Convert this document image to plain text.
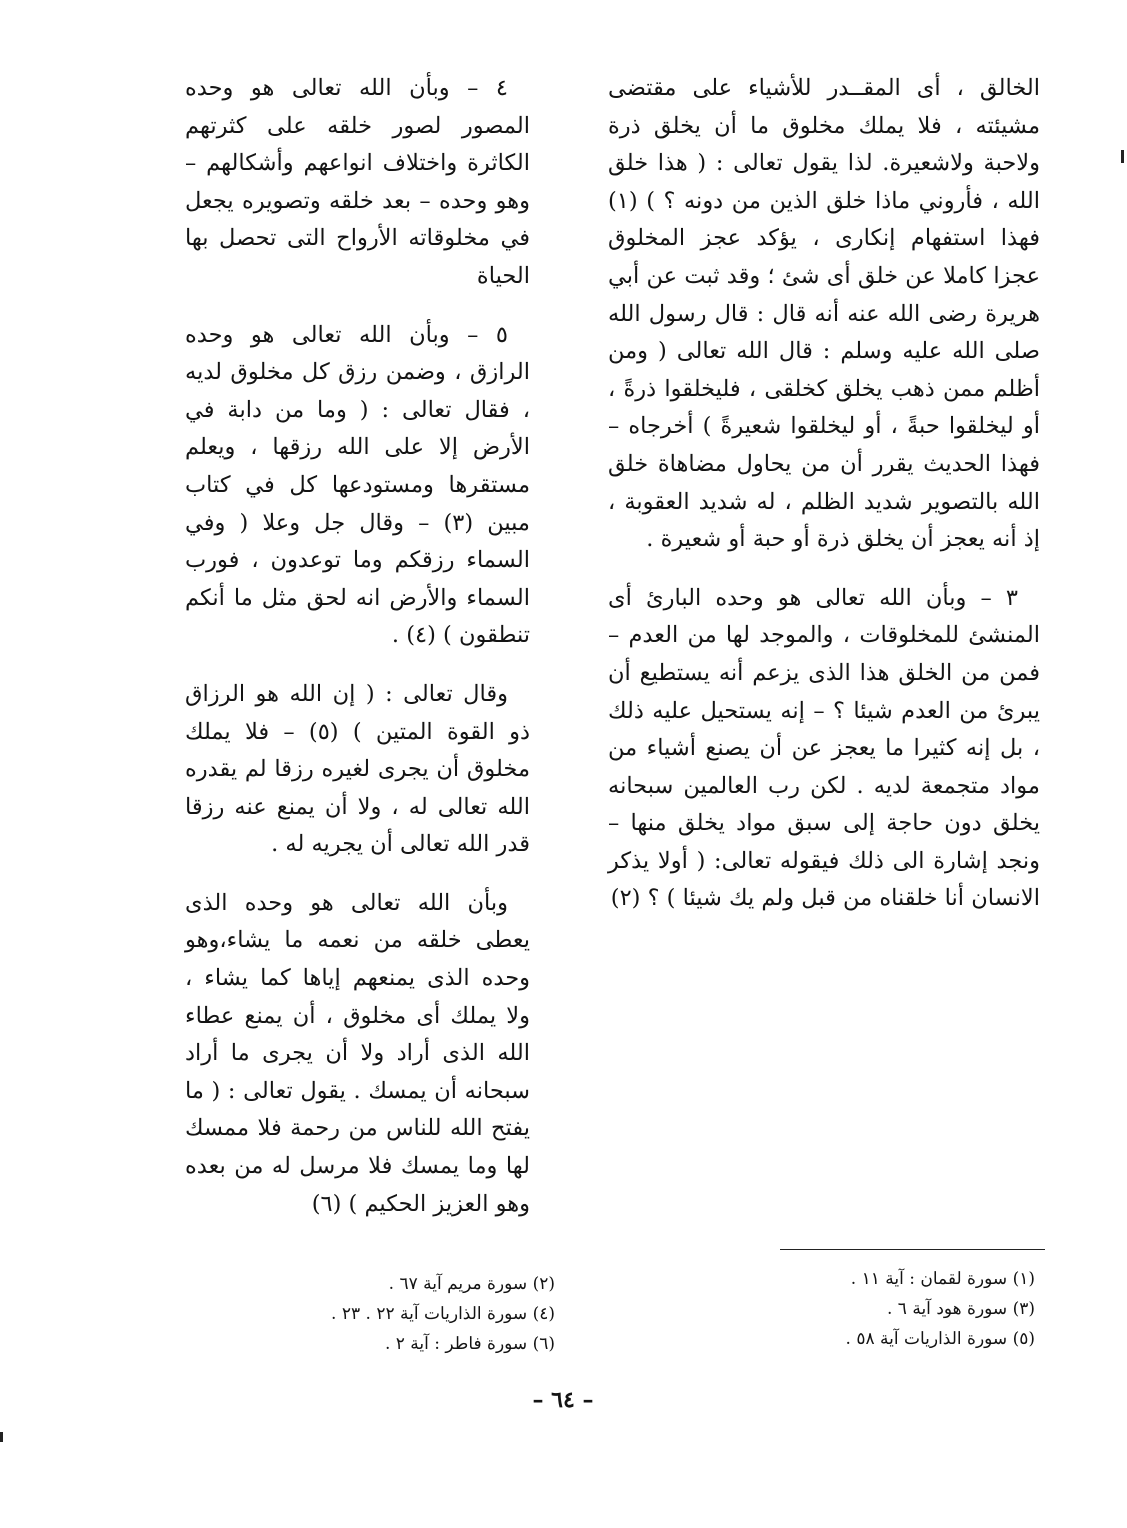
الخالق ، أى المقــدر للأشياء على مقتضى مشيئته ، فلا يملك مخلوق ما أن يخلق ذرة ولاحبة ولاشعيرة. لذا يقول تعالى : ( هذا خلق الله ، فأروني ماذا خلق الذين من دونه ؟ ) (١) فهذا استفهام إنكارى ، يؤكد عجز المخلوق عجزا كاملا عن خلق أى شئ ؛ وقد ثبت عن أبي هريرة رضى الله عنه أنه قال : قال رسول الله صلى الله عليه وسلم : قال الله تعالى ( ومن أظلم ممن ذهب يخلق كخلقى ، فليخلقوا ذرةً ، أو ليخلقوا حبةً ، أو ليخلقوا شعيرةً ) أخرجاه – فهذا الحديث يقرر أن من يحاول مضاهاة خلق الله بالتصوير شديد الظلم ، له شديد العقوبة ، إذ أنه يعجز أن يخلق ذرة أو حبة أو شعيرة .

٣ – وبأن الله تعالى هو وحده البارئ أى المنشئ للمخلوقات ، والموجد لها من العدم – فمن من الخلق هذا الذى يزعم أنه يستطيع أن يبرئ من العدم شيئا ؟ – إنه يستحيل عليه ذلك ، بل إنه كثيرا ما يعجز عن أن يصنع أشياء من مواد متجمعة لديه . لكن رب العالمين سبحانه يخلق دون حاجة إلى سبق مواد يخلق منها – ونجد إشارة الى ذلك فيقوله تعالى: ( أولا يذكر الانسان أنا خلقناه من قبل ولم يك شيئا ) ؟ (٢)

٤ – وبأن الله تعالى هو وحده المصور لصور خلقه على كثرتهم الكاثرة واختلاف انواعهم وأشكالهم – وهو وحده – بعد خلقه وتصويره يجعل في مخلوقاته الأرواح التى تحصل بها الحياة

٥ – وبأن الله تعالى هو وحده الرازق ، وضمن رزق كل مخلوق لديه ، فقال تعالى : ( وما من دابة في الأرض إلا على الله رزقها ، ويعلم مستقرها ومستودعها كل في كتاب مبين (٣) – وقال جل وعلا ( وفي السماء رزقكم وما توعدون ، فورب السماء والأرض انه لحق مثل ما أنكم تنطقون ) (٤) .

وقال تعالى : ( إن الله هو الرزاق ذو القوة المتين ) (٥) – فلا يملك مخلوق أن يجرى لغيره رزقا لم يقدره الله تعالى له ، ولا أن يمنع عنه رزقا قدر الله تعالى أن يجريه له .

وبأن الله تعالى هو وحده الذى يعطى خلقه من نعمه ما يشاء،وهو وحده الذى يمنعهم إياها كما يشاء ، ولا يملك أى مخلوق ، أن يمنع عطاء الله الذى أراد ولا أن يجرى ما أراد سبحانه أن يمسك . يقول تعالى : ( ما يفتح الله للناس من رحمة فلا ممسك لها وما يمسك فلا مرسل له من بعده وهو العزيز الحكيم ) (٦)

(١) سورة لقمان : آية ١١ .
(٣) سورة هود آية ٦ .
(٥) سورة الذاريات آية ٥٨ .
(٢) سورة مريم آية ٦٧ .
(٤) سورة الذاريات آية ٢٢ . ٢٣ .
(٦) سورة فاطر : آية ٢ .
– ٦٤ –
